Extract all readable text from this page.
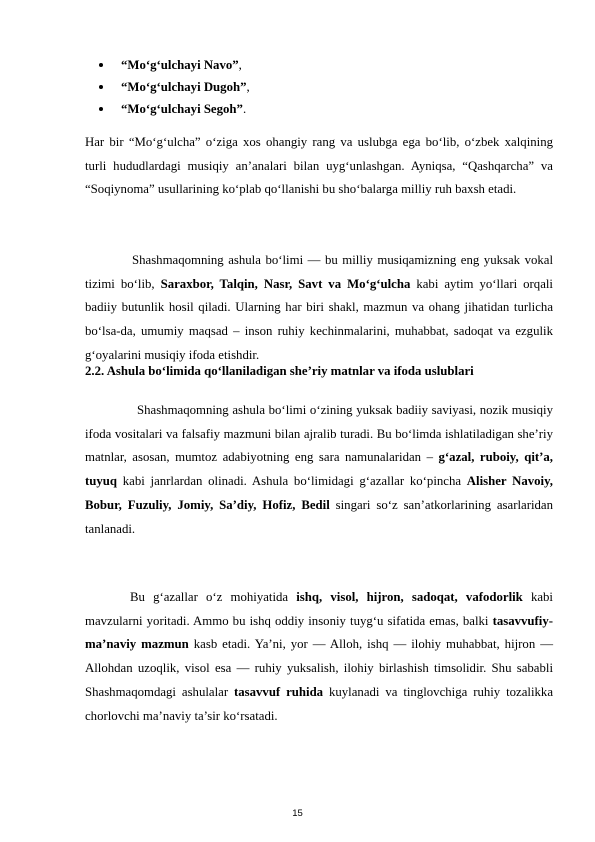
“Mo‘g‘ulchayi Navo”,
“Mo‘g‘ulchayi Dugoh”,
“Mo‘g‘ulchayi Segoh”.

Har bir “Mo‘g‘ulcha” o‘ziga xos ohangiy rang va uslubga ega bo‘lib, o‘zbek xalqining turli hududlardagi musiqiy an’analari bilan uyg‘unlashgan. Ayniqsa, “Qashqarcha” va “Soqiynoma” usullarining ko‘plab qo‘llanishi bu sho‘balarga milliy ruh baxsh etadi.

Shashmaqomning ashula bo‘limi — bu milliy musiqamizning eng yuksak vokal tizimi bo‘lib, Saraxbor, Talqin, Nasr, Savt va Mo‘g‘ulcha kabi aytim yo‘llari orqali badiiy butunlik hosil qiladi. Ularning har biri shakl, mazmun va ohang jihatidan turlicha bo‘lsa-da, umumiy maqsad – inson ruhiy kechinmalarini, muhabbat, sadoqat va ezgulik g‘oyalarini musiqiy ifoda etishdir.

2.2. Ashula bo‘limida qo‘llaniladigan she’riy matnlar va ifoda uslublari

Shashmaqomning ashula bo‘limi o‘zining yuksak badiiy saviyasi, nozik musiqiy ifoda vositalari va falsafiy mazmuni bilan ajralib turadi. Bu bo‘limda ishlatiladigan she’riy matnlar, asosan, mumtoz adabiyotning eng sara namunalaridan – g‘azal, ruboiy, qit’a, tuyuq kabi janrlardan olinadi. Ashula bo‘limidagi g‘azallar ko‘pincha Alisher Navoiy, Bobur, Fuzuliy, Jomiy, Sa’diy, Hofiz, Bedil singari so‘z san’atkorlarining asarlaridan tanlanadi.

Bu g‘azallar o‘z mohiyatida ishq, visol, hijron, sadoqat, vafodorlik kabi mavzularni yoritadi. Ammo bu ishq oddiy insoniy tuyg‘u sifatida emas, balki tasavvufiy-ma’naviy mazmun kasb etadi. Ya’ni, yor — Alloh, ishq — ilohiy muhabbat, hijron — Allohdan uzoqlik, visol esa — ruhiy yuksalish, ilohiy birlashish timsolidir. Shu sababli Shashmaqomdagi ashulalar tasavvuf ruhida kuylanadi va tinglovchiga ruhiy tozalikka chorlovchi ma’naviy ta’sir ko‘rsatadi.

15
